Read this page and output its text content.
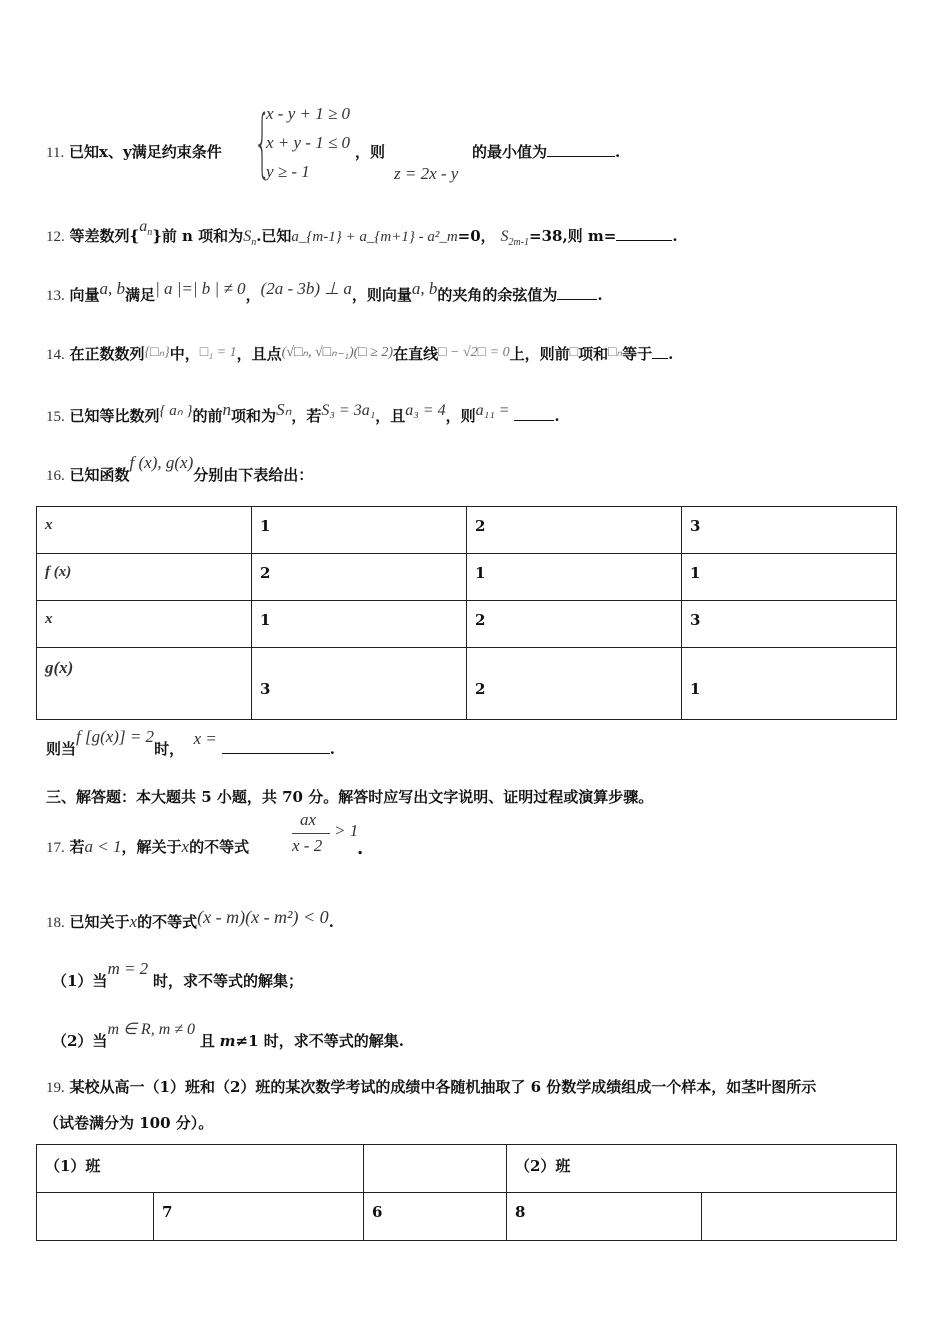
{
x - y + 1 ≥ 0
x + y - 1 ≤ 0
y ≥ - 1
11. 已知x、y满足约束条件	，则
z = 2x - y
的最小值为	.
12. 等差数列$\{a_n\}$前 n 项和为$S_n$.已知a_{m-1} + a_{m+1} - a²_m=0， $S_{2m-1}=38$,则 m=	.
13. 向量a, b满足| a |=| b | ≠ 0，(2a - 3b) ⊥ a，则向量a, b的夹角的余弦值为	.
14. 在正数数列{□ₙ}中，□₁ = 1，且点(√□ₙ, √□ₙ₋₁)(□ ≥ 2)在直线□ − √2□ = 0上，则前□项和□ₙ等于 .
15. 已知等比数列{ aₙ }的前n项和为Sₙ，若S₃ = 3a₁，且a₃ = 4，则a₁₁ =	.
16. 已知函数f (x), g(x)分别由下表给出：
x	1	2	3
f (x)	2	1	1
x	1	2	3
g(x)	3	2	1
则当f [g(x)] = 2时，  x = .
三、解答题：本大题共 5 小题，共 70 分。解答时应写出文字说明、证明过程或演算步骤。
ax
x - 2
> 1
.
17. 若a < 1，解关于x的不等式
18. 已知关于x的不等式(x - m)(x - m²) < 0.
（1）当m = 2 时，求不等式的解集；
（2）当m ∈ R, m ≠ 0 且 m≠1 时，求不等式的解集.
19. 某校从高一（1）班和（2）班的某次数学考试的成绩中各随机抽取了 6 份数学成绩组成一个样本，如茎叶图所示
（试卷满分为 100 分）。
（1）班			（2）班	
	7	6	8	
